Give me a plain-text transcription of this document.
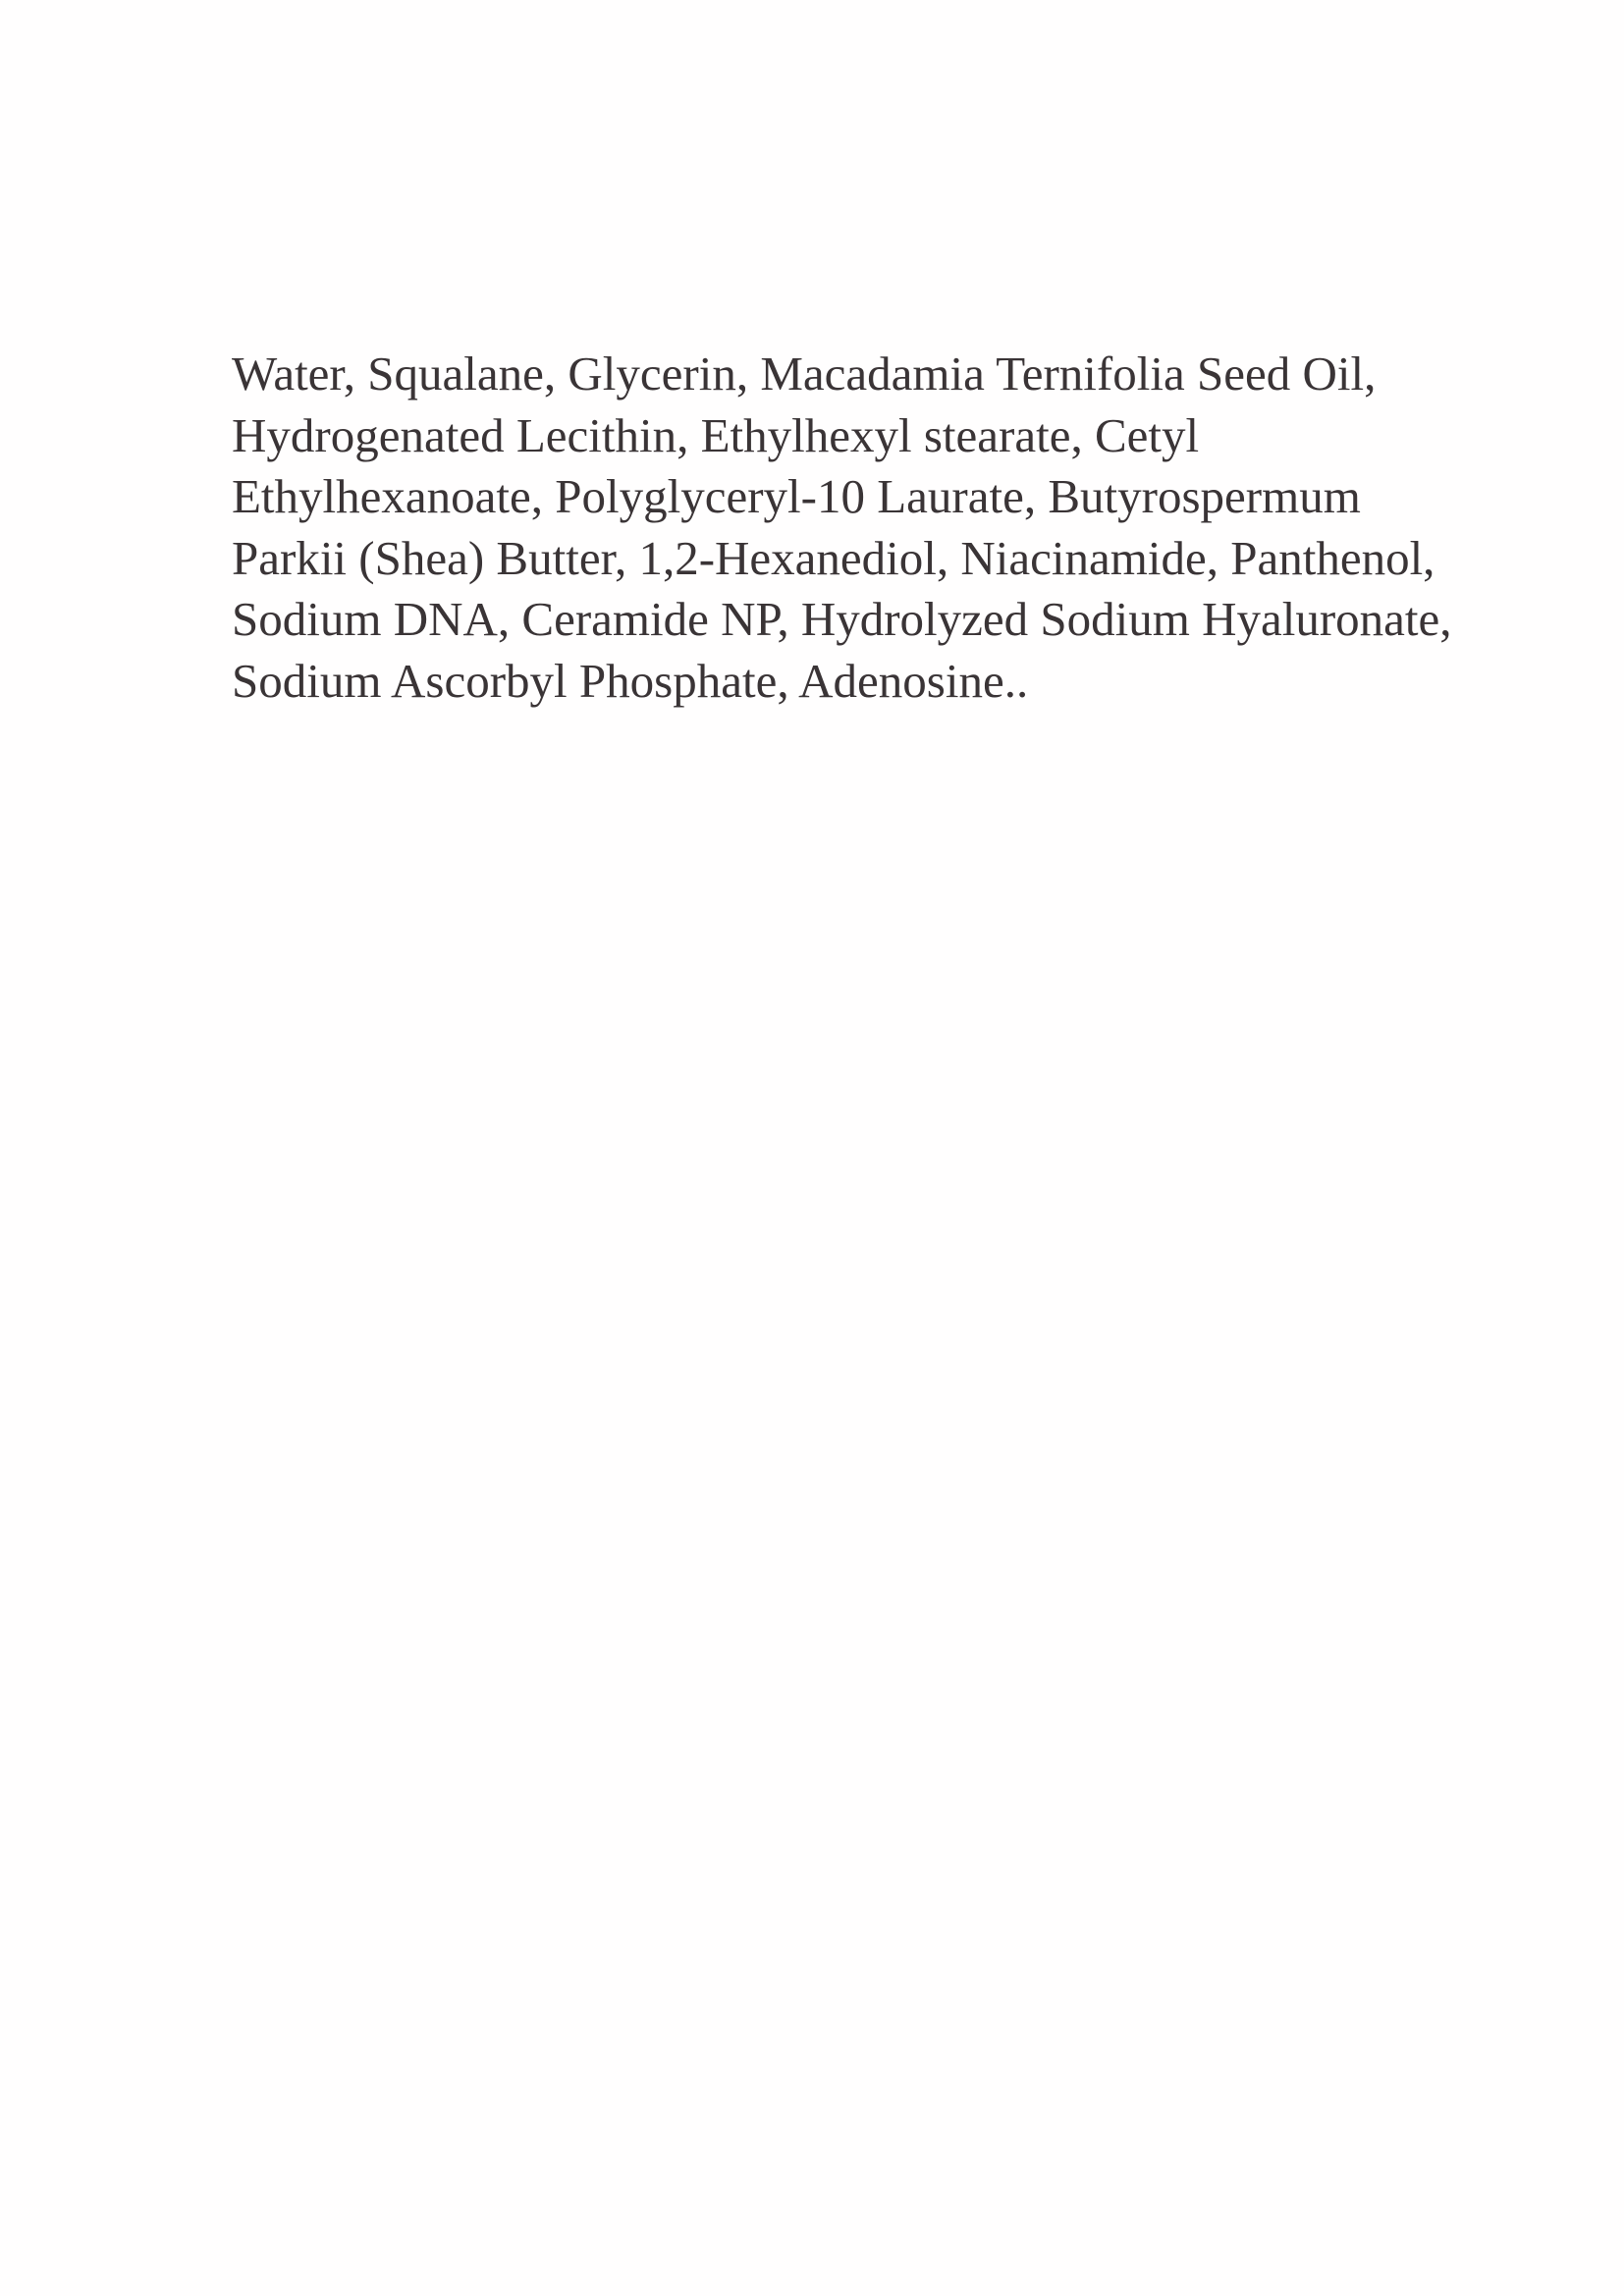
Water, Squalane, Glycerin, Macadamia Ternifolia Seed Oil,
Hydrogenated Lecithin, Ethylhexyl stearate, Cetyl
Ethylhexanoate, Polyglyceryl-10 Laurate, Butyrospermum
Parkii (Shea) Butter, 1,2-Hexanediol, Niacinamide, Panthenol,
Sodium DNA, Ceramide NP, Hydrolyzed Sodium Hyaluronate,
Sodium Ascorbyl Phosphate, Adenosine..
